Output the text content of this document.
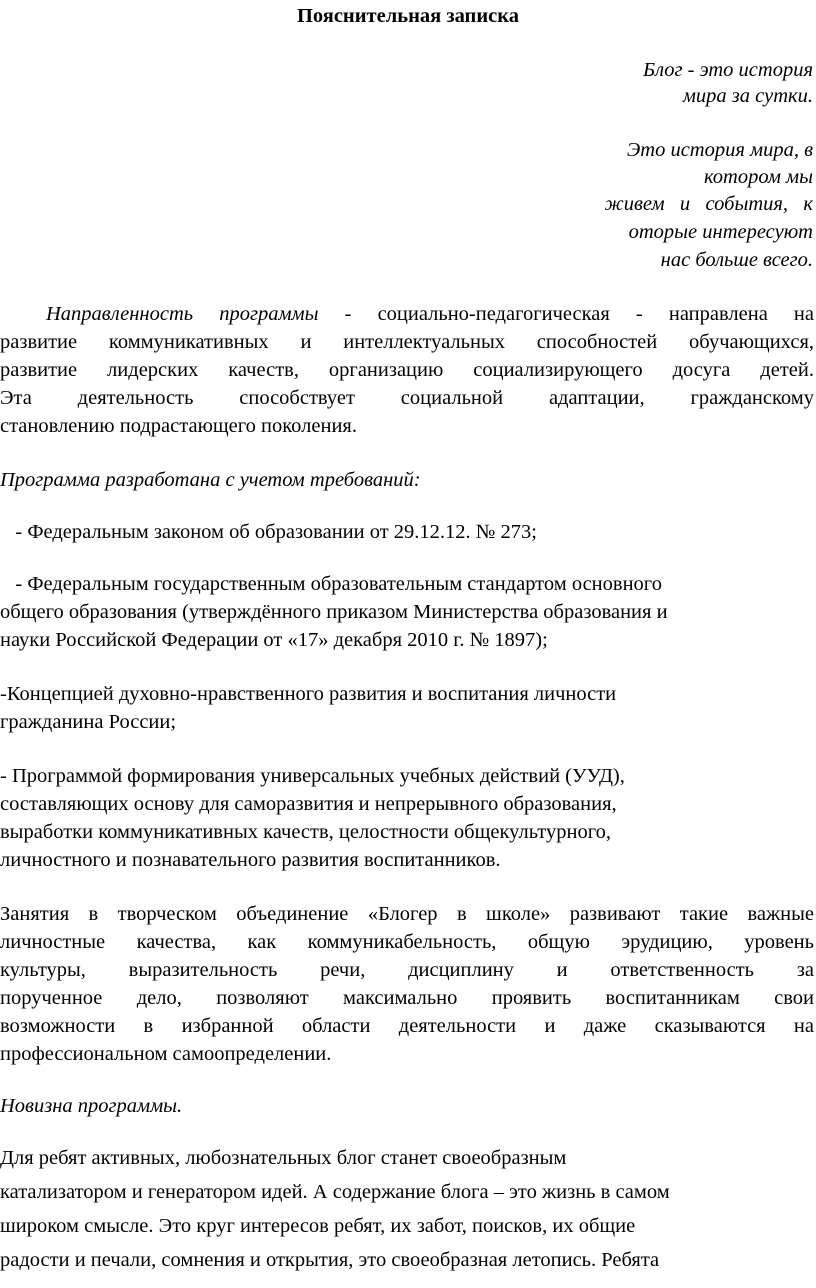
Пояснительная записка
Блог - это история
мира за сутки.
Это история мира, в
котором мы
живем   и   события,   к
оторые интересуют
нас больше всего.
Направленность программы - социально-педагогическая - направлена на
развитие коммуникативных и интеллектуальных способностей обучающихся,
развитие лидерских качеств, организацию социализирующего досуга детей.
Эта деятельность способствует социальной адаптации, гражданскому
становлению подрастающего поколения.
Программа разработана с учетом требований:
- Федеральным законом об образовании от 29.12.12. № 273;
- Федеральным государственным образовательным стандартом основного
общего образования (утверждённого приказом Министерства образования и
науки Российской Федерации от «17» декабря 2010 г. № 1897);
-Концепцией духовно-нравственного развития и воспитания личности
гражданина России;
- Программой формирования универсальных учебных действий (УУД),
составляющих основу для саморазвития и непрерывного образования,
выработки коммуникативных качеств, целостности общекультурного,
личностного и познавательного развития воспитанников.
Занятия в творческом объединение «Блогер в школе» развивают такие важные
личностные качества, как коммуникабельность, общую эрудицию, уровень
культуры, выразительность речи, дисциплину и ответственность за
порученное дело, позволяют максимально проявить воспитанникам свои
возможности в избранной области деятельности и даже сказываются на
профессиональном самоопределении.
Новизна программы.
Для ребят активных, любознательных блог станет своеобразным
катализатором и генератором идей. А содержание блога – это жизнь в самом
широком смысле. Это круг интересов ребят, их забот, поисков, их общие
радости и печали, сомнения и открытия, это своеобразная летопись. Ребята
